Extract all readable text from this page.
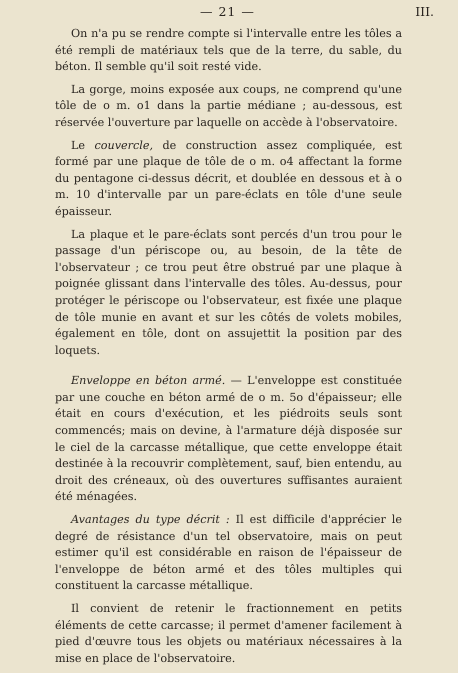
— 21 —	III.

On n'a pu se rendre compte si l'intervalle entre les tôles a été rempli de matériaux tels que de la terre, du sable, du béton. Il semble qu'il soit resté vide.

La gorge, moins exposée aux coups, ne comprend qu'une tôle de o m. o1 dans la partie médiane ; au-dessous, est réservée l'ouverture par laquelle on accède à l'observatoire.

Le couvercle, de construction assez compliquée, est formé par une plaque de tôle de o m. o4 affectant la forme du pentagone ci-dessus décrit, et doublée en dessous et à o m. 10 d'intervalle par un pare-éclats en tôle d'une seule épaisseur.

La plaque et le pare-éclats sont percés d'un trou pour le passage d'un périscope ou, au besoin, de la tête de l'observateur ; ce trou peut être obstrué par une plaque à poignée glissant dans l'intervalle des tôles. Au-dessus, pour protéger le périscope ou l'observateur, est fixée une plaque de tôle munie en avant et sur les côtés de volets mobiles, également en tôle, dont on assujettit la position par des loquets.

Enveloppe en béton armé. — L'enveloppe est constituée par une couche en béton armé de o m. 5o d'épaisseur; elle était en cours d'exécution, et les piédroits seuls sont commencés; mais on devine, à l'armature déjà disposée sur le ciel de la carcasse métallique, que cette enveloppe était destinée à la recouvrir complètement, sauf, bien entendu, au droit des créneaux, où des ouvertures suffisantes auraient été ménagées.

Avantages du type décrit : Il est difficile d'apprécier le degré de résistance d'un tel observatoire, mais on peut estimer qu'il est considérable en raison de l'épaisseur de l'enveloppe de béton armé et des tôles multiples qui constituent la carcasse métallique.

Il convient de retenir le fractionnement en petits éléments de cette carcasse; il permet d'amener facilement à pied d'œuvre tous les objets ou matériaux nécessaires à la mise en place de l'observatoire.
